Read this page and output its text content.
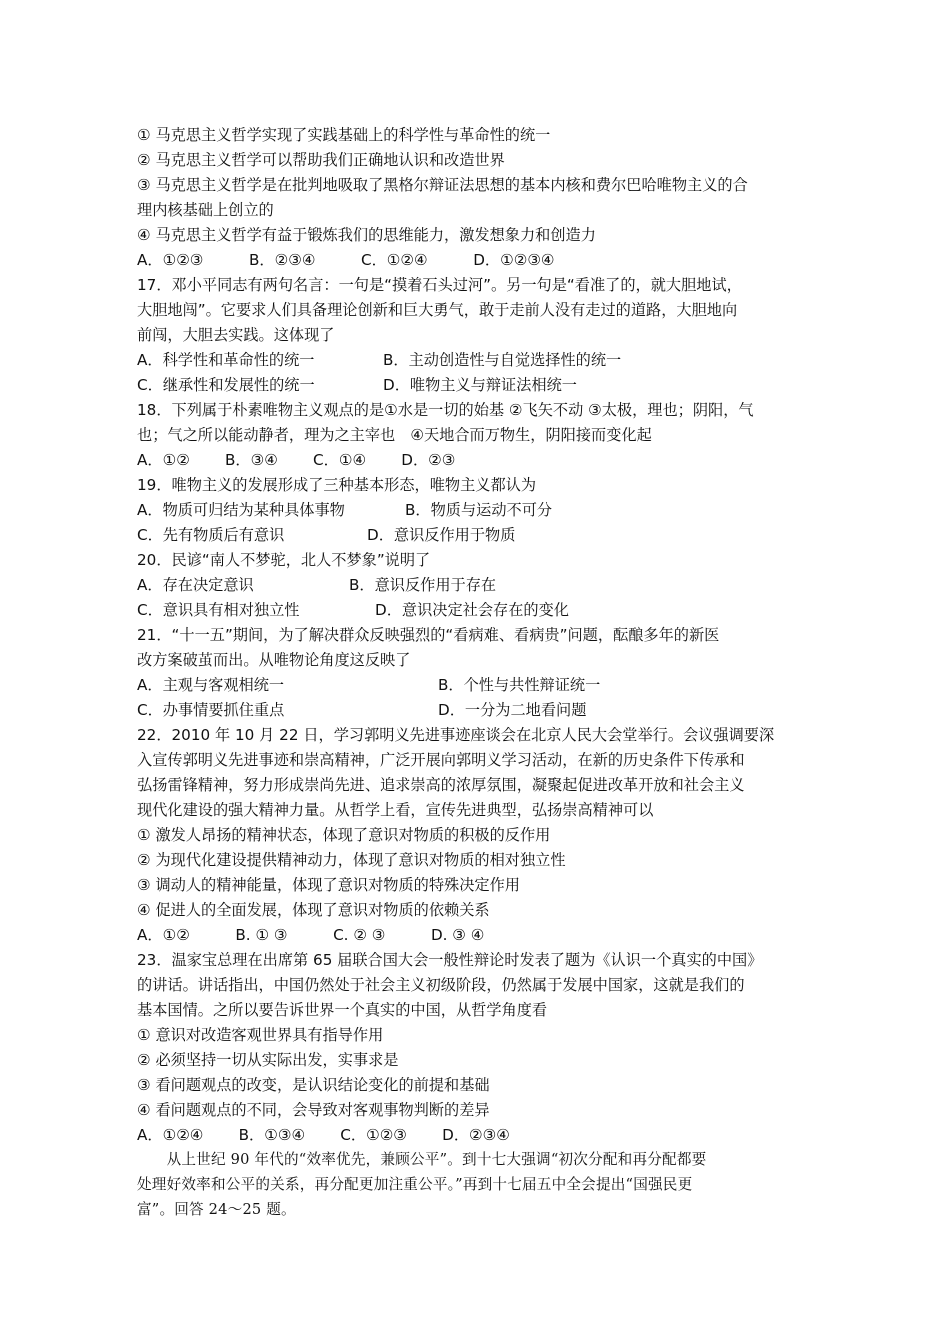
① 马克思主义哲学实现了实践基础上的科学性与革命性的统一

② 马克思主义哲学可以帮助我们正确地认识和改造世界

③ 马克思主义哲学是在批判地吸取了黑格尔辩证法思想的基本内核和费尔巴哈唯物主义的合

理内核基础上创立的

④ 马克思主义哲学有益于锻炼我们的思维能力，激发想象力和创造力

A．①②③　　　B．②③④　　　C．①②④　　　D．①②③④

17．邓小平同志有两句名言：一句是“摸着石头过河”。另一句是“看准了的，就大胆地试，

大胆地闯”。它要求人们具备理论创新和巨大勇气，敢于走前人没有走过的道路，大胆地向

前闯，大胆去实践。这体现了

A．科学性和革命性的统一	B．主动创造性与自觉选择性的统一
C．继承性和发展性的统一	D．唯物主义与辩证法相统一

18．下列属于朴素唯物主义观点的是①水是一切的始基 ②飞矢不动 ③太极，理也；阴阳，气

也；气之所以能动静者，理为之主宰也　④天地合而万物生，阴阳接而变化起

A．①②　　 B．③④　　 C．①④　　 D．②③

19．唯物主义的发展形成了三种基本形态，唯物主义都认为

A．物质可归结为某种具体事物	B．物质与运动不可分
C．先有物质后有意识	D．意识反作用于物质

20．民谚“南人不梦驼，北人不梦象”说明了

A．存在决定意识	B．意识反作用于存在
C．意识具有相对独立性	D．意识决定社会存在的变化

21．“十一五”期间，为了解决群众反映强烈的“看病难、看病贵”问题，酝酿多年的新医

改方案破茧而出。从唯物论角度这反映了

A．主观与客观相统一	B．个性与共性辩证统一
C．办事情要抓住重点	D．一分为二地看问题

22．2010 年 10 月 22 日，学习郭明义先进事迹座谈会在北京人民大会堂举行。会议强调要深

入宣传郭明义先进事迹和崇高精神，广泛开展向郭明义学习活动，在新的历史条件下传承和

弘扬雷锋精神，努力形成崇尚先进、追求崇高的浓厚氛围，凝聚起促进改革开放和社会主义

现代化建设的强大精神力量。从哲学上看，宣传先进典型，弘扬崇高精神可以

① 激发人昂扬的精神状态，体现了意识对物质的积极的反作用

② 为现代化建设提供精神动力，体现了意识对物质的相对独立性

③ 调动人的精神能量，体现了意识对物质的特殊决定作用

④ 促进人的全面发展，体现了意识对物质的依赖关系

A．①②　　　B. ① ③　　　C. ② ③　　　D. ③ ④

23．温家宝总理在出席第 65 届联合国大会一般性辩论时发表了题为《认识一个真实的中国》

的讲话。讲话指出，中国仍然处于社会主义初级阶段，仍然属于发展中国家，这就是我们的

基本国情。之所以要告诉世界一个真实的中国，从哲学角度看

① 意识对改造客观世界具有指导作用

② 必须坚持一切从实际出发，实事求是

③ 看问题观点的改变，是认识结论变化的前提和基础

④ 看问题观点的不同，会导致对客观事物判断的差异

A．①②④　　 B．①③④　　 C．①②③　　 D．②③④

　　从上世纪 90 年代的“效率优先，兼顾公平”。到十七大强调“初次分配和再分配都要

处理好效率和公平的关系，再分配更加注重公平。”再到十七届五中全会提出“国强民更

富”。回答 24～25 题。
